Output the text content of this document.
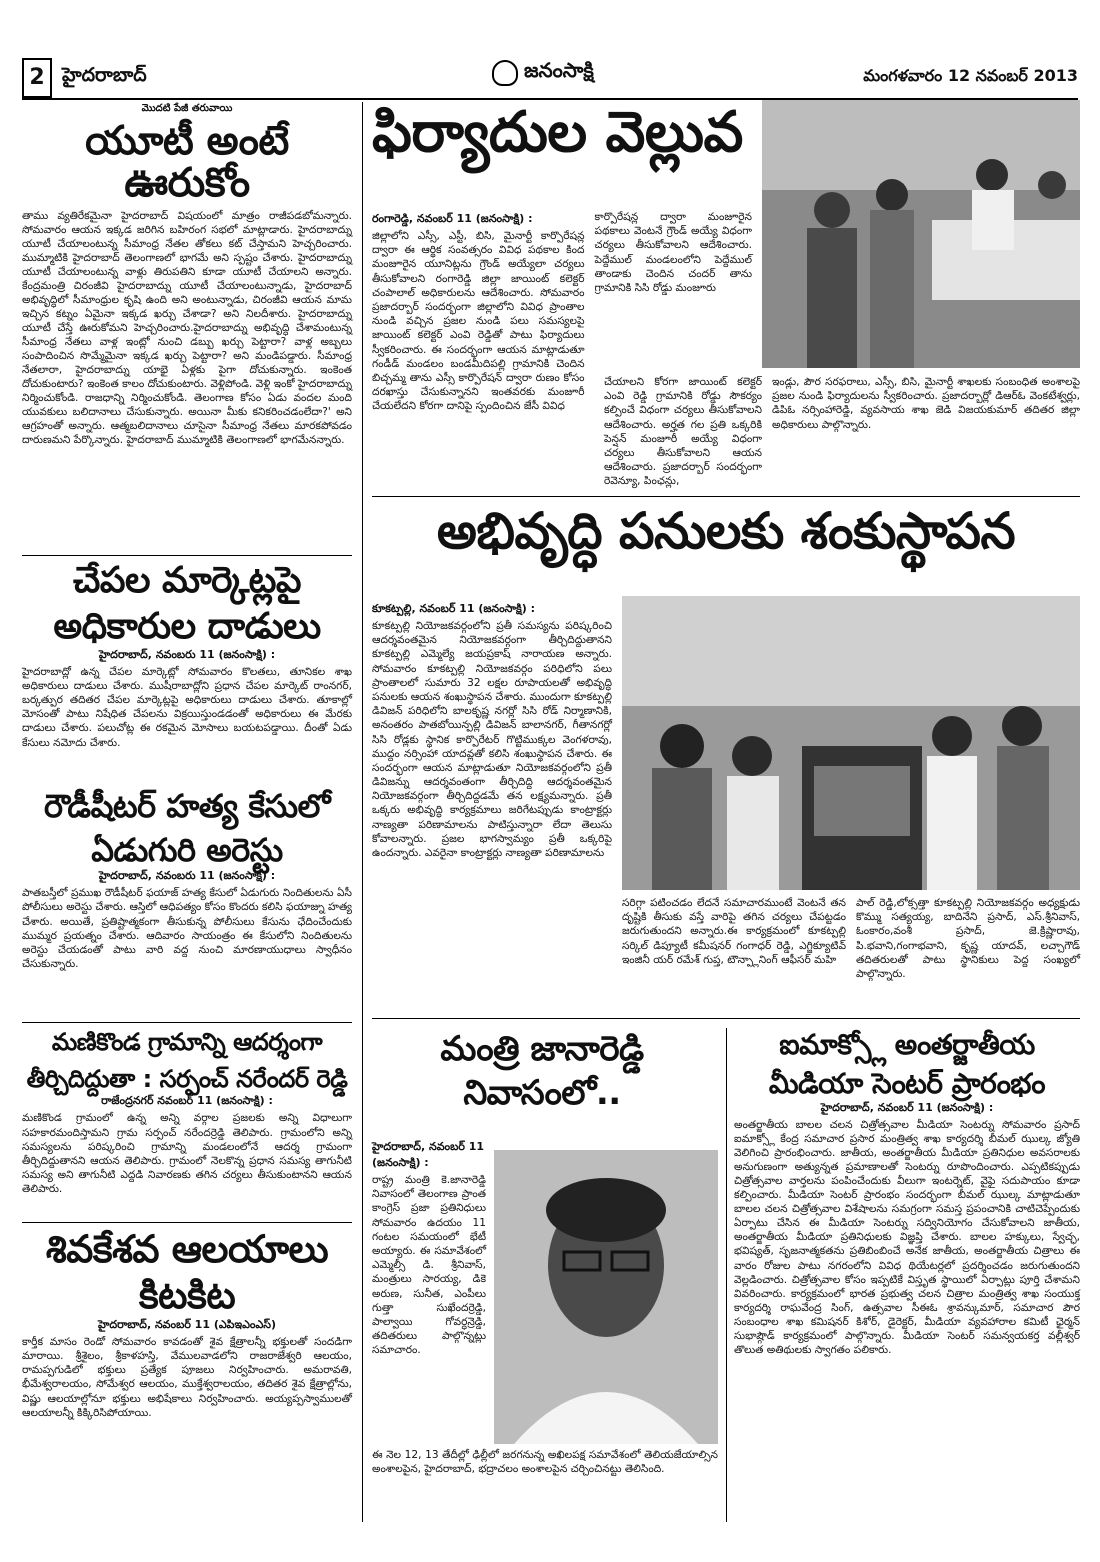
2 హైదరాబాద్	జనంసాక్షి	మంగళవారం 12 నవంబర్ 2013
మొదటి పేజీ తరువాయి
యూటీ అంటే ఊరుకోం

తాము వ్యతిరేకమైనా హైదరాబాద్ విషయంలో మాత్రం రాజీపడబోమన్నారు. సోమవారం ఆయన ఇక్కడ జరిగిన బహిరంగ సభలో మాట్లాడారు. హైదరాబాద్ను యూటీ చేయాలంటున్న సీమాంధ్ర నేతల తోకలు కట్ చేస్తామని హెచ్చరించారు. ముమ్మాటికి హైదరాబాద్ తెలంగాణలో భాగమే అని స్పష్టం చేశారు. హైదరాబాద్ను యూటీ చేయాలంటున్న వాళ్లు తిరుపతిని కూడా యూటీ చేయాలని అన్నారు. కేంద్రమంత్రి చిరంజీవి హైదరాబాద్ను యూటీ చేయాలంటున్నాడు, హైదరాబాద్ అభివృద్ధిలో సీమాంధ్రుల కృషి ఉంది అని అంటున్నాడు, చిరంజీవి ఆయన మామ ఇచ్చిన కట్నం ఏమైనా ఇక్కడ ఖర్చు చేశాడా? అని నిలదీశారు. హైదరాబాద్ను యూటీ చేస్తే ఊరుకోమని హెచ్చరించారు.హైదరాబాద్ను అభివృద్ధి చేశామంటున్న సీమాంధ్ర నేతలు వాళ్ల ఇంట్లో నుంచి డబ్బు ఖర్చు పెట్టారా? వాళ్ల అబ్బలు సంపాదించిన సొమ్మేమైనా ఇక్కడ ఖర్చు పెట్టారా? అని మండిపడ్డారు. సీమాంధ్ర నేతలారా, హైదరాబాద్ను యాభై ఏళ్లకు పైగా దోచుకున్నారు. ఇంకెంత దోచుకుంటారు? ఇంకెంత కాలం దోచుకుంటారు. వెళ్లిపోండి. వెళ్లి ఇంకో హైదరాబాద్ను నిర్మించుకోండి. రాజధాన్ని నిర్మించుకోండి. తెలంగాణ కోసం ఏడు వందల మంది యువకులు బలిదానాలు చేసుకున్నారు. అయినా మీకు కనికరించడంలేదా?' అని ఆగ్రహంతో అన్నారు. ఆత్మబలిదానాలు చూసైనా సీమాంధ్ర నేతలు మారకపోవడం దారుణమని పేర్కొన్నారు. హైదరాబాద్ ముమ్మాటికి తెలంగాణలో భాగమేనన్నారు.

చేపల మార్కెట్లపై
అధికారుల దాడులు
హైదరాబాద్, నవంబరు 11 (జనంసాక్షి) :

హైదరాబాద్లో ఉన్న చేపల మార్కెట్లో సోమవారం కొలతలు, తూనికల శాఖ అధికారులు దాడులు చేశారు. ముషీరాబాద్లోని ప్రధాన చేపల మార్కెట్ రాంనగర్, బర్కత్పుర తదితర చేపల మార్కెట్లపై అధికారులు దాడులు చేశారు. తూకాల్లో మోసంతో పాటు నిషేధిత చేపలను విక్రయిస్తుండడంతో అధికారులు ఈ మేరకు దాడులు చేశారు. పలుచోట్ల ఈ రకమైన మోసాలు బయటపడ్డాయి. దీంతో ఏడు కేసులు నమోదు చేశారు.

రౌడీషీటర్ హత్య కేసులో
ఏడుగురి అరెస్టు
హైదరాబాద్, నవంబరు 11 (జనంసాక్షి) :

పాతబస్తీలో ప్రముఖ రౌడీషీటర్ ఫయాజ్ హత్య కేసులో ఏడుగురు నిందితులను ఏసీ పోలీసులు అరెస్టు చేశారు. ఆస్తిలో ఆధిపత్యం కోసం కొందరు కలిసి ఫయాజ్ను హత్య చేశారు. అయితే, ప్రతిష్టాత్మకంగా తీసుకున్న పోలీసులు కేసును ఛేదించేందుకు ముమ్మర ప్రయత్నం చేశారు. ఆదివారం సాయంత్రం ఈ కేసులోని నిందితులను అరెస్టు చేయడంతో పాటు వారి వద్ద నుంచి మారణాయుధాలు స్వాధీనం చేసుకున్నారు.

మణికొండ గ్రామాన్ని ఆదర్శంగా
తీర్చిదిద్దుతా : సర్పంచ్ నరేందర్ రెడ్డి
రాజేంద్రనగర్ నవంబర్ 11 (జనంసాక్షి) :

మణికొండ గ్రామంలో ఉన్న అన్ని వర్గాల ప్రజలకు అన్ని విధాలుగా సహకారమందిస్తామని గ్రామ సర్పంచ్ నరేందర్రెడ్డి తెలిపారు. గ్రామంలోని అన్ని సమస్యలను పరిష్కరించి గ్రామాన్ని మండలంలోనే ఆదర్శ గ్రామంగా తీర్చిదిద్దుతానని ఆయన తెలిపారు. గ్రామంలో నెలకొన్న ప్రధాన సమస్య తాగునీటి సమస్య అని తాగునీటి ఎద్దడి నివారణకు తగిన చర్యలు తీసుకుంటానని ఆయన తెలిపారు.

శివకేశవ ఆలయాలు
కిటకిట
హైదరాబాద్, నవంబర్ 11 (ఎపిఇఎంఎస్)

కార్తీక మాసం రెండో సోమవారం కావడంతో శైవ క్షేత్రాలన్నీ భక్తులతో సందడిగా మారాయి. శ్రీశైలం, శ్రీకాళహస్తి, వేములవాడలోని రాజరాజేశ్వరి ఆలయం, రామప్పగుడిలో భక్తులు ప్రత్యేక పూజలు నిర్వహించారు. అమరావతి, భీమేశ్వరాలయం, సోమేశ్వర ఆలయం, ముక్తేశ్వరాలయం, తదితర శైవ క్షేత్రాల్లోను, విష్ణు ఆలయాల్లోనూ భక్తులు అభిషేకాలు నిర్వహించారు. అయ్యప్పస్వాములతో ఆలయాలన్నీ కిక్కిరిసిపోయాయి.

ఫిర్యాదుల వెల్లువ
రంగారెడ్డి, నవంబర్ 11 (జనంసాక్షి) :

జిల్లాలోని ఎస్సీ, ఎస్టీ, బిసి, మైనార్టీ కార్పొరేషన్ల ద్వారా ఈ ఆర్థిక సంవత్సరం వివిధ పథకాల కింద మంజూరైన యూనిట్లను గ్రౌండ్ అయ్యేలా చర్యలు తీసుకోవాలని రంగారెడ్డి జిల్లా జాయింట్ కలెక్టర్ చంపాలాల్ అధికారులను ఆదేశించారు. సోమవారం ప్రజాదర్బార్ సందర్భంగా జిల్లాలోని వివిధ ప్రాంతాల నుండి వచ్చిన ప్రజల నుండి పలు సమస్యలపై జాయింట్ కలెక్టర్ ఎంవి రెడ్డితో పాటు ఫిర్యాదులు స్వీకరించారు. ఈ సందర్భంగా ఆయన మాట్లాడుతూ గండీడ్ మండలం బండమీదిపల్లి గ్రామానికి చెందిన బిచ్చమ్మ తాను ఎస్సీ కార్పొరేషన్ ద్వారా రుణం కోసం దరఖాస్తు చేసుకున్నానని ఇంతవరకు మంజూరీ చేయలేదని కోరగా దానిపై స్పందించిన జేసీ వివిధ

కార్పొరేషన్ల ద్వారా మంజూరైన పథకాలు వెంటనే గ్రౌండ్ అయ్యే విధంగా చర్యలు తీసుకోవాలని ఆదేశించారు. పెద్దేముల్ మండలంలోని పెద్దేముల్ తాండాకు చెందిన చందర్ తాను గ్రామానికి సిసి రోడ్డు మంజూరు

చేయాలని కోరగా జాయింట్ కలెక్టర్ ఎంవి రెడ్డి గ్రామానికి రోడ్డు సౌకర్యం కల్పించే విధంగా చర్యలు తీసుకోవాలని ఆదేశించారు. అర్హత గల ప్రతి ఒక్కరికి పెన్షన్ మంజూరీ అయ్యే విధంగా చర్యలు తీసుకోవాలని ఆయన ఆదేశించారు. ప్రజాదర్బార్ సందర్భంగా రెవెన్యూ, పింఛన్లు,

ఇండ్లు, పౌర సరఫరాలు, ఎస్సీ, బిసి, మైనార్టీ శాఖలకు సంబంధిత అంశాలపై ప్రజల నుండి ఫిర్యాదులను స్వీకరించారు. ప్రజాదర్బార్లో డిఆర్ఓ వెంకటేశ్వర్లు, డిపిఓ నర్సింహారెడ్డి, వ్యవసాయ శాఖ జెడి విజయకుమార్ తదితర జిల్లా అధికారులు పాల్గొన్నారు.

అభివృద్ధి పనులకు శంకుస్థాపన
కూకట్పల్లి, నవంబర్ 11 (జనంసాక్షి) :

కూకట్పల్లి నియోజకవర్గంలోని ప్రతీ సమస్యను పరిష్కరించి ఆదర్శవంతమైన నియోజకవర్గంగా తీర్చిదిద్దుతానని కూకట్పల్లి ఎమ్మెల్యే జయప్రకాష్ నారాయణ అన్నారు. సోమవారం కూకట్పల్లి నియోజకవర్గం పరిధిలోని పలు ప్రాంతాలలో సుమారు 32 లక్షల రూపాయలతో అభివృద్ధి పనులకు ఆయన శంఖుస్థాపన చేశారు. ముందుగా కూకట్పల్లి డివిజన్ పరిధిలోని బాలకృష్ణ నగర్లో సిసి రోడ్ నిర్మాణానికి, అనంతరం పాతబోయిన్పల్లి డివిజన్ బాలానగర్, గీతానగర్లో సిసి రోడ్లకు స్థానిక కార్పొరేటర్ గొట్టిముక్కల వెంగళరావు, ముద్దం నర్సింహా యాదవ్లతో కలిసి శంఖుస్థాపన చేశారు. ఈ సందర్భంగా ఆయన మాట్లాడుతూ నియోజకవర్గంలోని ప్రతీ డివిజన్ను ఆదర్శవంతంగా తీర్చిదిద్ది ఆదర్శవంతమైన నియోజకవర్గంగా తీర్చిదిద్దడమే తన లక్ష్యమన్నారు. ప్రతీ ఒక్కరు అభివృద్ధి కార్యక్రమాలు జరిగేటప్పుడు కాంట్రాక్టర్లు నాణ్యతా పరిణామాలను పాటిస్తున్నారా లేదా తెలుసు కోవాలన్నారు. ప్రజల భాగస్వామ్యం ప్రతీ ఒక్కరిపై ఉందన్నారు. ఎవరైనా కాంట్రాక్టర్లు నాణ్యతా పరిణామాలను

సరిగ్గా పటించడం లేదనే సమాచారముంటే వెంటనే తన దృష్టికి తీసుకు వస్తే వారిపై తగిన చర్యలు చేపట్టడం జరుగుతుందని అన్నారు.ఈ కార్యక్రమంలో కూకట్పల్లి సర్కిల్ డిప్యూటీ కమీషనర్ గంగాధర్ రెడ్డి, ఎగ్జిక్యూటివ్ ఇంజినీ యర్ రమేశ్ గుప్త, టౌన్ప్లానింగ్ ఆఫీసర్ మహి

పాల్ రెడ్డి,లోక్సత్తా కూకట్పల్లి నియోజకవర్గం అధ్యక్షుడు కొమ్ము సత్యయ్య, బాదినేని ప్రసాద్, ఎస్.శ్రీనివాస్, ఓంకారం,వంశీ ప్రసాద్, జె.క్రిష్ణారావు, పి.భవాని,గంగాభవాని, కృష్ణ యాదవ్, లచ్చాగౌడ్ తదితరులతో పాటు స్థానికులు పెద్ద సంఖ్యలో పాల్గొన్నారు.

మంత్రి జానారెడ్డి
నివాసంలో..
హైదరాబాద్, నవంబర్ 11 (జనంసాక్షి) :

రాష్ట్ర మంత్రి కె.జానారెడ్డి నివాసంలో తెలంగాణ ప్రాంత కాంగ్రెస్ ప్రజా ప్రతినిధులు సోమవారం ఉదయం 11 గంటల సమయంలో భేటీ అయ్యారు. ఈ సమావేశంలో ఎమ్మెల్సీ డి. శ్రీనివాస్, మంత్రులు సారయ్య, డికె అరుణ, సునీత, ఎంపీలు గుత్తా సుఖేందర్రెడ్డి, పాల్వాయి గోవర్ధన్రెడ్డి, తదితరులు పాల్గొన్నట్లు సమాచారం.

ఈ నెల 12, 13 తేదీల్లో ఢిల్లీలో జరగనున్న అఖిలపక్ష సమావేశంలో తెలియజేయాల్సిన అంశాలపైన, హైదరాబాద్, భద్రాచలం అంశాలపైన చర్చించినట్టు తెలిసింది.

ఐమాక్స్లో అంతర్జాతీయ
మీడియా సెంటర్ ప్రారంభం
హైదరాబాద్, నవంబర్ 11 (జనంసాక్షి) :

అంతర్జాతీయ బాలల చలన చిత్రోత్సవాల మీడియా సెంటర్ను సోమవారం ప్రసాద్ ఐమాక్స్లో కేంద్ర సమాచార ప్రసార మంత్రిత్వ శాఖ కార్యదర్శి బీమల్ ఝుల్క జ్యోతి వెలిగించి ప్రారంభించారు. జాతీయ, అంతర్జాతీయ మీడియా ప్రతినిధుల అవసరాలకు అనుగుణంగా అత్యున్నత ప్రమాణాలతో సెంటర్ను రూపొందించారు. ఎప్పటికప్పుడు చిత్రోత్సవాల వార్తలను పంపించేందుకు వీలుగా ఇంటర్నెట్, వైఫై సదుపాయం కూడా కల్పించారు. మీడియా సెంటర్ ప్రారంభం సందర్భంగా బీమల్ ఝుల్క మాట్లాడుతూ బాలల చలన చిత్రోత్సవాల విశేషాలను సమగ్రంగా సమస్త ప్రపంచానికి చాటిచెప్పేందుకు ఏర్పాటు చేసిన ఈ మీడియా సెంటర్ను సద్వినియోగం చేసుకోవాలని జాతీయ, అంతర్జాతీయ మీడియా ప్రతినిధులకు విజ్ఞప్తి చేశారు. బాలల హక్కులు, స్వేచ్ఛ, భవిష్యత్, సృజనాత్మకతను ప్రతిబింబించే అనేక జాతీయ, అంతర్జాతీయ చిత్రాలు ఈ వారం రోజుల పాటు నగరంలోని వివిధ థియేటర్లలో ప్రదర్శించడం జరుగుతుందని వెల్లడించారు. చిత్రోత్సవాల కోసం ఇప్పటికే విస్తృత స్థాయిలో ఏర్పాట్లు పూర్తి చేశామని వివరించారు. కార్యక్రమంలో భారత ప్రభుత్వ చలన చిత్రాల మంత్రిత్వ శాఖ సంయుక్త కార్యదర్శి రాఘవేంద్ర సింగ్, ఉత్సవాల సీఈఓ శ్రావన్కుమార్, సమాచార పౌర సంబంధాల శాఖ కమిషనర్ కిశోర్, డైరెక్టర్, మీడియా వ్యవహారాల కమిటీ ఛైర్మన్ సుభాష్గౌడ్ కార్యక్రమంలో పాల్గొన్నారు. మీడియా సెంటర్ సమన్వయకర్త వల్లీశ్వర్ తొలుత అతిథులకు స్వాగతం పలికారు.
